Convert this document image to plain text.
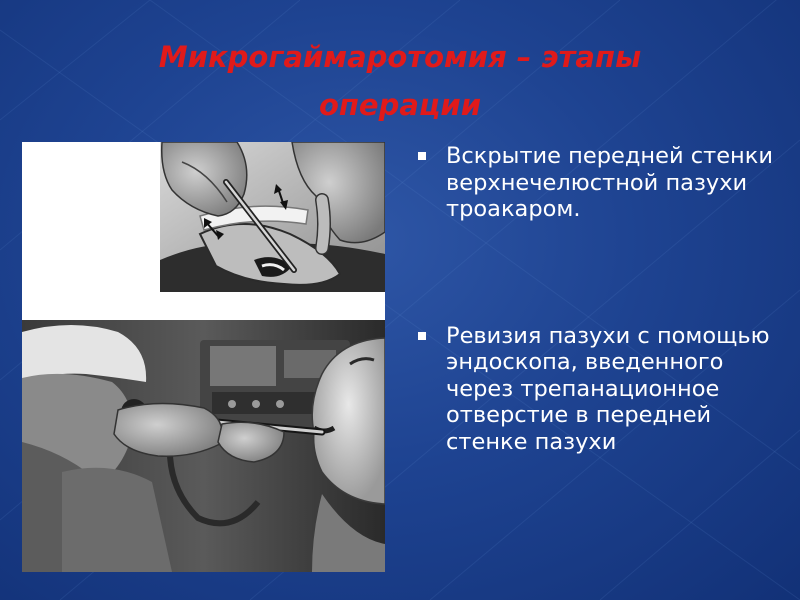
Микрогаймаротомия – этапы операции
Вскрытие передней стенки верхнечелюстной пазухи троакаром.
Ревизия пазухи с помощью эндоскопа, введенного через трепанационное отверстие в передней стенке пазухи
